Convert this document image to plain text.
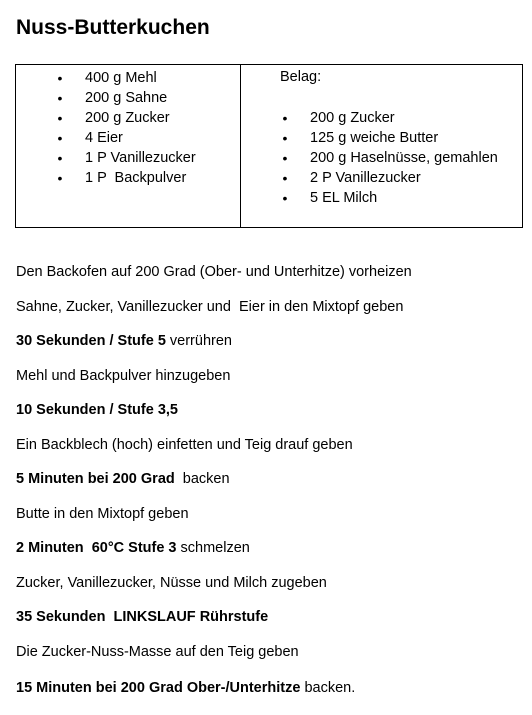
Nuss-Butterkuchen
• 400 g Mehl
• 200 g Sahne
• 200 g Zucker
• 4 Eier
• 1 P Vanillezucker
• 1 P  Backpulver
Belag:
• 200 g Zucker
• 125 g weiche Butter
• 200 g Haselnüsse, gemahlen
• 2 P Vanillezucker
• 5 EL Milch
Den Backofen auf 200 Grad (Ober- und Unterhitze) vorheizen
Sahne, Zucker, Vanillezucker und  Eier in den Mixtopf geben
30 Sekunden / Stufe 5 verrühren
Mehl und Backpulver hinzugeben
10 Sekunden / Stufe 3,5
Ein Backblech (hoch) einfetten und Teig drauf geben
5 Minuten bei 200 Grad  backen
Butte in den Mixtopf geben
2 Minuten  60°C Stufe 3 schmelzen
Zucker, Vanillezucker, Nüsse und Milch zugeben
35 Sekunden  LINKSLAUF Rührstufe
Die Zucker-Nuss-Masse auf den Teig geben
15 Minuten bei 200 Grad Ober-/Unterhitze backen.
